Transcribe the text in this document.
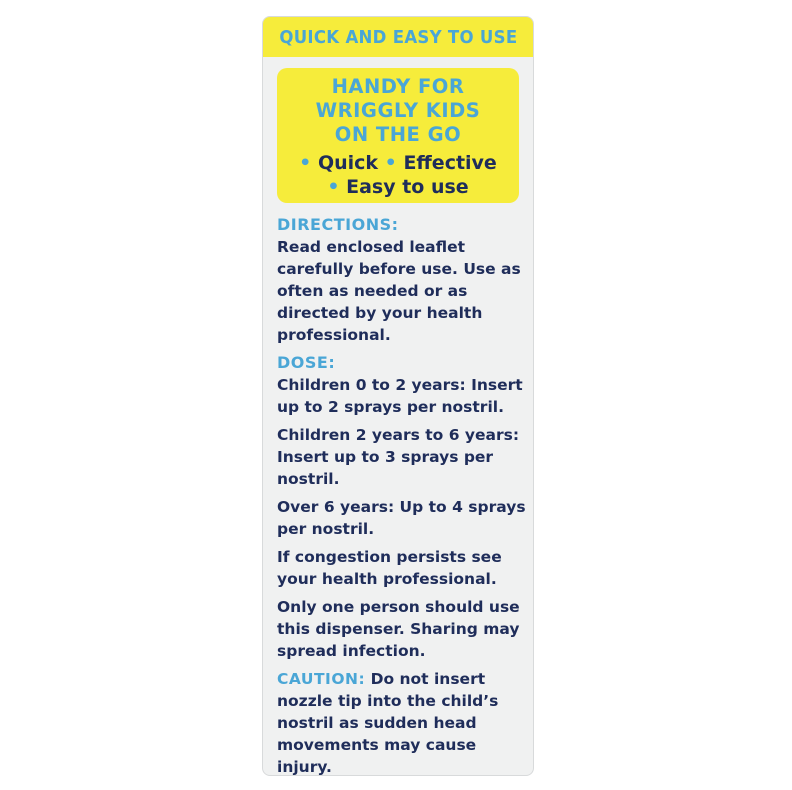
QUICK AND EASY TO USE
HANDY FOR
WRIGGLY KIDS
ON THE GO
• Quick • Effective
• Easy to use
DIRECTIONS:
Read enclosed leaflet carefully before use. Use as often as needed or as directed by your health professional.
DOSE:
Children 0 to 2 years: Insert up to 2 sprays per nostril.
Children 2 years to 6 years: Insert up to 3 sprays per nostril.
Over 6 years: Up to 4 sprays per nostril.
If congestion persists see your health professional.
Only one person should use this dispenser. Sharing may spread infection.
CAUTION: Do not insert nozzle tip into the child’s nostril as sudden head movements may cause injury.
